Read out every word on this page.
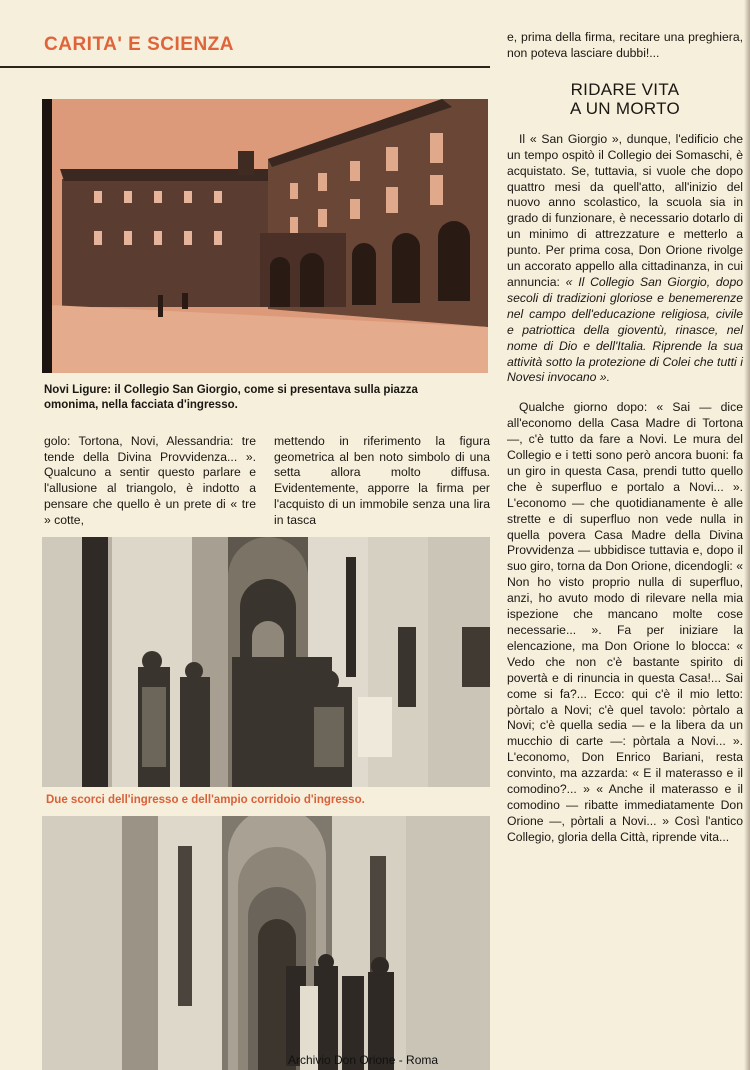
CARITA' E SCIENZA

Novi Ligure: il Collegio San Giorgio, come si presentava sulla piazza omonima, nella facciata d'ingresso.

golo: Tortona, Novi, Alessandria: tre tende della Divina Provvidenza... ». Qualcuno a sentir questo parlare e l'allusione al triangolo, è indotto a pensare che quello è un prete di « tre » cotte,

mettendo in riferimento la figura geometrica al ben noto simbolo di una setta allora molto diffusa. Evidentemente, apporre la firma per l'acquisto di un immobile senza una lira in tasca

Due scorci dell'ingresso e dell'ampio corridoio d'ingresso.

e, prima della firma, recitare una preghiera, non poteva lasciare dubbi!...

RIDARE VITA
A UN MORTO

Il « San Giorgio », dunque, l'edificio che un tempo ospitò il Collegio dei Somaschi, è acquistato. Se, tuttavia, si vuole che dopo quattro mesi da quell'atto, all'inizio del nuovo anno scolastico, la scuola sia in grado di funzionare, è necessario dotarlo di un minimo di attrezzature e metterlo a punto. Per prima cosa, Don Orione rivolge un accorato appello alla cittadinanza, in cui annuncia: « Il Collegio San Giorgio, dopo secoli di tradizioni gloriose e benemerenze nel campo dell'educazione religiosa, civile e patriottica della gioventù, rinasce, nel nome di Dio e dell'Italia. Riprende la sua attività sotto la protezione di Colei che tutti i Novesi invocano ».

Qualche giorno dopo: « Sai — dice all'economo della Casa Madre di Tortona —, c'è tutto da fare a Novi. Le mura del Collegio e i tetti sono però ancora buoni: fa un giro in questa Casa, prendi tutto quello che è superfluo e portalo a Novi... ». L'economo — che quotidianamente è alle strette e di superfluo non vede nulla in quella povera Casa Madre della Divina Provvidenza — ubbidisce tuttavia e, dopo il suo giro, torna da Don Orione, dicendogli: « Non ho visto proprio nulla di superfluo, anzi, ho avuto modo di rilevare nella mia ispezione che mancano molte cose necessarie... ». Fa per iniziare la elencazione, ma Don Orione lo blocca: « Vedo che non c'è bastante spirito di povertà e di rinuncia in questa Casa!... Sai come si fa?... Ecco: qui c'è il mio letto: pòrtalo a Novi; c'è quel tavolo: pòrtalo a Novi; c'è quella sedia — e la libera da un mucchio di carte —: pòrtala a Novi... ». L'economo, Don Enrico Bariani, resta convinto, ma azzarda: « E il materasso e il comodino?... » « Anche il materasso e il comodino — ribatte immediatamente Don Orione —, pòrtali a Novi... » Così l'antico Collegio, gloria della Città, riprende vita...

Archivio Don Orione - Roma
